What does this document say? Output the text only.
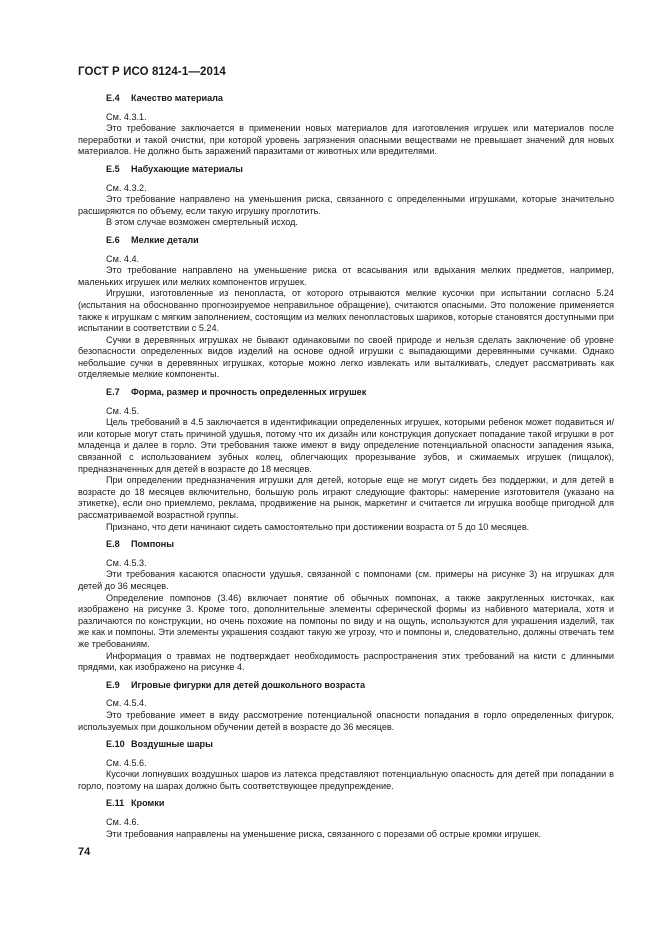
ГОСТ Р ИСО 8124-1—2014

Е.4 Качество материала

См. 4.3.1.

Это требование заключается в применении новых материалов для изготовления игрушек или материалов после переработки и такой очистки, при которой уровень загрязнения опасными веществами не превышает значений для новых материалов. Не должно быть заражений паразитами от животных или вредителями.

Е.5 Набухающие материалы

См. 4.3.2.

Это требование направлено на уменьшения риска, связанного с определенными игрушками, которые значительно расширяются по объему, если такую игрушку проглотить.

В этом случае возможен смертельный исход.

Е.6 Мелкие детали

См. 4.4.

Это требование направлено на уменьшение риска от всасывания или вдыхания мелких предметов, например, маленьких игрушек или мелких компонентов игрушек.

Игрушки, изготовленные из пенопласта, от которого отрываются мелкие кусочки при испытании согласно 5.24 (испытания на обоснованно прогнозируемое неправильное обращение), считаются опасными. Это положение применяется также к игрушкам с мягким заполнением, состоящим из мелких пенопластовых шариков, которые становятся доступными при испытании в соответствии с 5.24.

Сучки в деревянных игрушках не бывают одинаковыми по своей природе и нельзя сделать заключение об уровне безопасности определенных видов изделий на основе одной игрушки с выпадающими деревянными сучками. Однако небольшие сучки в деревянных игрушках, которые можно легко извлекать или выталкивать, следует рассматривать как отделяемые мелкие компоненты.

Е.7 Форма, размер и прочность определенных игрушек

См. 4.5.

Цель требований в 4.5 заключается в идентификации определенных игрушек, которыми ребенок может подавиться и/или которые могут стать причиной удушья, потому что их дизайн или конструкция допускает попадание такой игрушки в рот младенца и далее в горло. Эти требования также имеют в виду определение потенциальной опасности западения языка, связанной с использованием зубных колец, облегчающих прорезывание зубов, и сжимаемых игрушек (пищалок), предназначенных для детей в возрасте до 18 месяцев.

При определении предназначения игрушки для детей, которые еще не могут сидеть без поддержки, и для детей в возрасте до 18 месяцев включительно, большую роль играют следующие факторы: намерение изготовителя (указано на этикетке), если оно приемлемо, реклама, продвижение на рынок, маркетинг и считается ли игрушка вообще пригодной для рассматриваемой возрастной группы.

Признано, что дети начинают сидеть самостоятельно при достижении возраста от 5 до 10 месяцев.

Е.8 Помпоны

См. 4.5.3.

Эти требования касаются опасности удушья, связанной с помпонами (см. примеры на рисунке 3) на игрушках для детей до 36 месяцев.

Определение помпонов (3.46) включает понятие об обычных помпонах, а также закругленных кисточках, как изображено на рисунке 3. Кроме того, дополнительные элементы сферической формы из набивного материала, хотя и различаются по конструкции, но очень похожие на помпоны по виду и на ощупь, используются для украшения изделий, так же как и помпоны. Эти элементы украшения создают такую же угрозу, что и помпоны и, следовательно, должны отвечать тем же требованиям.

Информация о травмах не подтверждает необходимость распространения этих требований на кисти с длинными прядями, как изображено на рисунке 4.

Е.9 Игровые фигурки для детей дошкольного возраста

См. 4.5.4.

Это требование имеет в виду рассмотрение потенциальной опасности попадания в горло определенных фигурок, используемых при дошкольном обучении детей в возрасте до 36 месяцев.

Е.10 Воздушные шары

См. 4.5.6.

Кусочки лопнувших воздушных шаров из латекса представляют потенциальную опасность для детей при попадании в горло, поэтому на шарах должно быть соответствующее предупреждение.

Е.11 Кромки

См. 4.6.

Эти требования направлены на уменьшение риска, связанного с порезами об острые кромки игрушек.

74
